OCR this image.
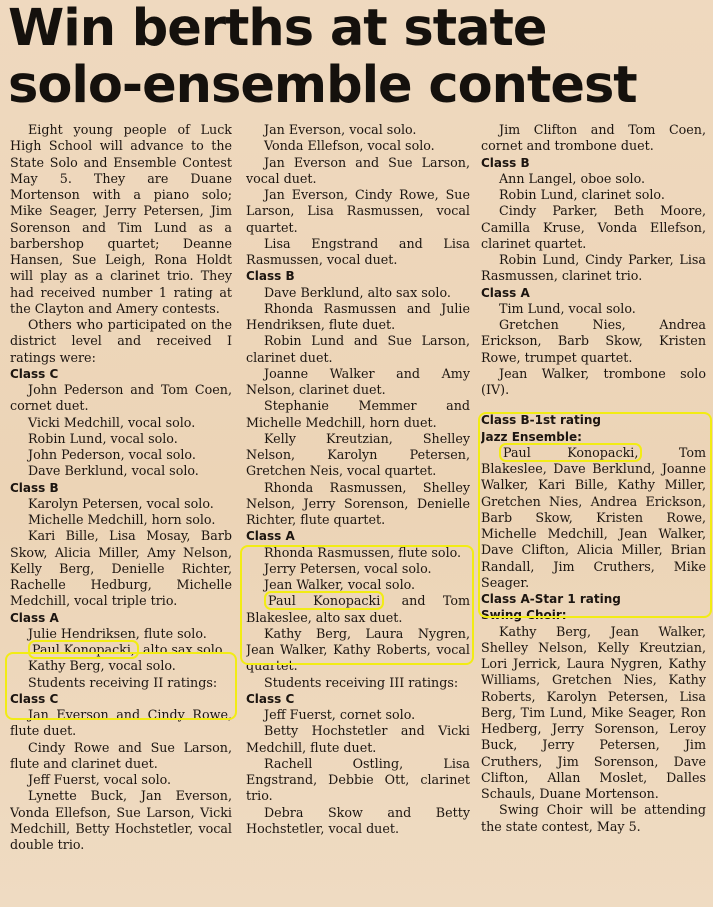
Win berths at state
solo-ensemble contest

Eight young people of Luck High School will advance to the State Solo and Ensemble Contest May 5. They are Duane Mortenson with a piano solo; Mike Seager, Jerry Petersen, Jim Sorenson and Tim Lund as a barbershop quartet; Deanne Hansen, Sue Leigh, Rona Holdt will play as a clarinet trio. They had received number 1 rating at the Clayton and Amery contests.

Others who participated on the district level and received I ratings were:

Class C

John Pederson and Tom Coen, cornet duet.

Vicki Medchill, vocal solo.

Robin Lund, vocal solo.

John Pederson, vocal solo.

Dave Berklund, vocal solo.

Class B

Karolyn Petersen, vocal solo.

Michelle Medchill, horn solo.

Kari Bille, Lisa Mosay, Barb Skow, Alicia Miller, Amy Nelson, Kelly Berg, Denielle Richter, Rachelle Hedburg, Michelle Medchill, vocal triple trio.

Class A

Julie Hendriksen, flute solo.

Paul Konopacki, alto sax solo.

Kathy Berg, vocal solo.

Students receiving II ratings:

Class C

Jan Everson and Cindy Rowe, flute duet.

Cindy Rowe and Sue Larson, flute and clarinet duet.

Jeff Fuerst, vocal solo.

Lynette Buck, Jan Everson, Vonda Ellefson, Sue Larson, Vicki Medchill, Betty Hochstetler, vocal double trio.

Jan Everson, vocal solo.

Vonda Ellefson, vocal solo.

Jan Everson and Sue Larson, vocal duet.

Jan Everson, Cindy Rowe, Sue Larson, Lisa Rasmussen, vocal quartet.

Lisa Engstrand and Lisa Rasmussen, vocal duet.

Class B

Dave Berklund, alto sax solo.

Rhonda Rasmussen and Julie Hendriksen, flute duet.

Robin Lund and Sue Larson, clarinet duet.

Joanne Walker and Amy Nelson, clarinet duet.

Stephanie Memmer and Michelle Medchill, horn duet.

Kelly Kreutzian, Shelley Nelson, Karolyn Petersen, Gretchen Neis, vocal quartet.

Rhonda Rasmussen, Shelley Nelson, Jerry Sorenson, Denielle Richter, flute quartet.

Class A

Rhonda Rasmussen, flute solo.

Jerry Petersen, vocal solo.

Jean Walker, vocal solo.

Paul Konopacki and Tom Blakeslee, alto sax duet.

Kathy Berg, Laura Nygren, Jean Walker, Kathy Roberts, vocal quartet.

Students receiving III ratings:

Class C

Jeff Fuerst, cornet solo.

Betty Hochstetler and Vicki Medchill, flute duet.

Rachell Ostling, Lisa Engstrand, Debbie Ott, clarinet trio.

Debra Skow and Betty Hochstetler, vocal duet.

Jim Clifton and Tom Coen, cornet and trombone duet.

Class B

Ann Langel, oboe solo.

Robin Lund, clarinet solo.

Cindy Parker, Beth Moore, Camilla Kruse, Vonda Ellefson, clarinet quartet.

Robin Lund, Cindy Parker, Lisa Rasmussen, clarinet trio.

Class A

Tim Lund, vocal solo.

Gretchen Nies, Andrea Erickson, Barb Skow, Kristen Rowe, trumpet quartet.

Jean Walker, trombone solo (IV).

Class B-1st rating

Jazz Ensemble:

Paul Konopacki, Tom Blakeslee, Dave Berklund, Joanne Walker, Kari Bille, Kathy Miller, Gretchen Nies, Andrea Erickson, Barb Skow, Kristen Rowe, Michelle Medchill, Jean Walker, Dave Clifton, Alicia Miller, Brian Randall, Jim Cruthers, Mike Seager.

Class A-Star 1 rating

Swing Choir:

Kathy Berg, Jean Walker, Shelley Nelson, Kelly Kreutzian, Lori Jerrick, Laura Nygren, Kathy Williams, Gretchen Nies, Kathy Roberts, Karolyn Petersen, Lisa Berg, Tim Lund, Mike Seager, Ron Hedberg, Jerry Sorenson, Leroy Buck, Jerry Petersen, Jim Cruthers, Jim Sorenson, Dave Clifton, Allan Moslet, Dalles Schauls, Duane Mortenson.

Swing Choir will be attending the state contest, May 5.
